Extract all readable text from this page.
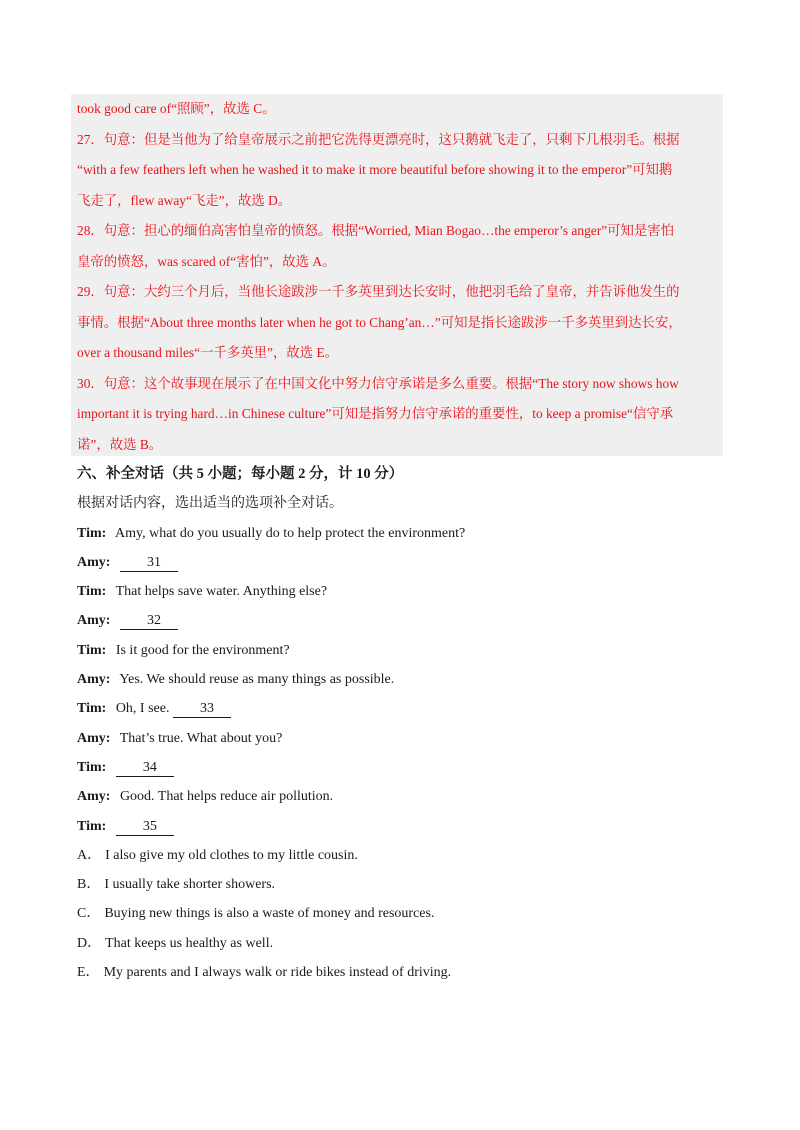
took good care of“照顾”，故选 C。
27．句意：但是当他为了给皇帝展示之前把它洗得更漂亮时，这只鹅就飞走了，只剩下几根羽毛。根据
“with a few feathers left when he washed it to make it more beautiful before showing it to the emperor”可知鹅
飞走了，flew away“飞走”，故选 D。
28．句意：担心的缅伯高害怕皇帝的愤怒。根据“Worried, Mian Bogao…the emperor’s anger”可知是害怕
皇帝的愤怒，was scared of“害怕”，故选 A。
29．句意：大约三个月后，当他长途跋涉一千多英里到达长安时，他把羽毛给了皇帝，并告诉他发生的
事情。根据“About three months later when he got to Chang’an…”可知是指长途跋涉一千多英里到达长安，
over a thousand miles“一千多英里”，故选 E。
30．句意：这个故事现在展示了在中国文化中努力信守承诺是多么重要。根据“The story now shows how
important it is trying hard…in Chinese culture”可知是指努力信守承诺的重要性，to keep a promise“信守承
诺”，故选 B。
六、补全对话（共 5 小题；每小题 2 分，计 10 分）
根据对话内容，选出适当的选项补全对话。
Tim: Amy, what do you usually do to help protect the environment?
Amy:	31
Tim: That helps save water. Anything else?
Amy:	32
Tim: Is it good for the environment?
Amy: Yes. We should reuse as many things as possible.
Tim: Oh, I see. 33
Amy: That’s true. What about you?
Tim:	34
Amy: Good. That helps reduce air pollution.
Tim:	35
A． I also give my old clothes to my little cousin.
B． I usually take shorter showers.
C． Buying new things is also a waste of money and resources.
D． That keeps us healthy as well.
E． My parents and I always walk or ride bikes instead of driving.
